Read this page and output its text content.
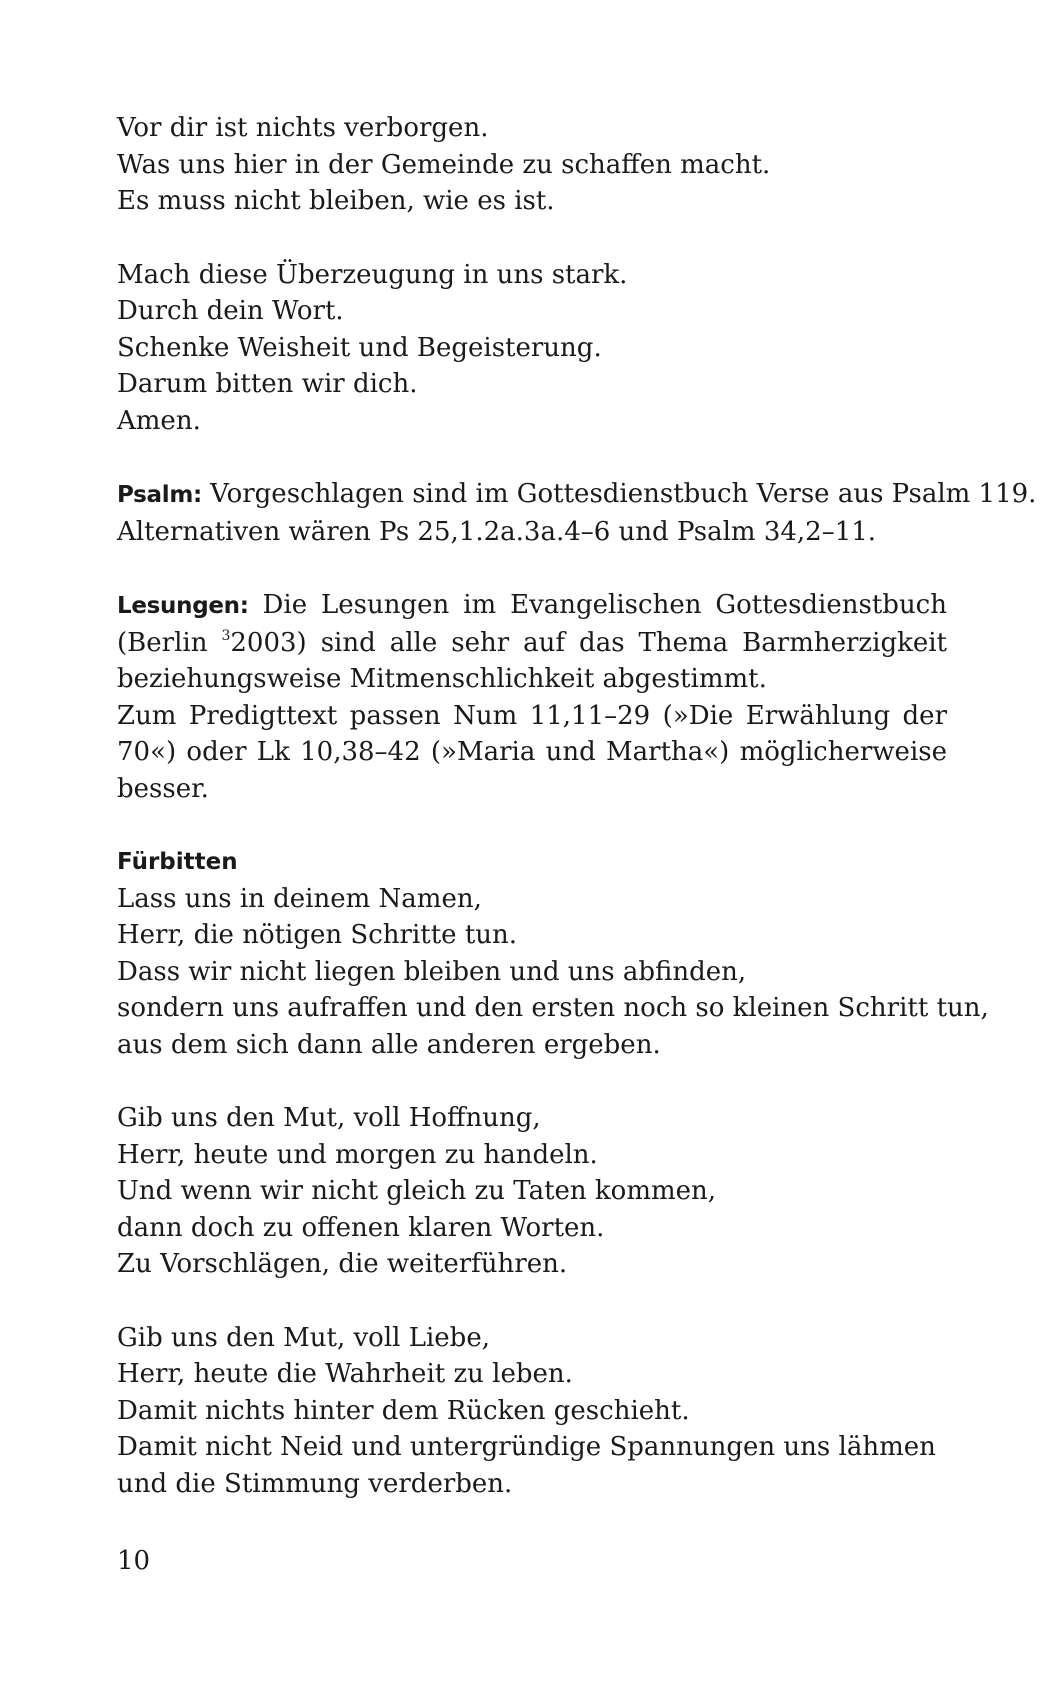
Vor dir ist nichts verborgen.

Was uns hier in der Gemeinde zu schaffen macht.

Es muss nicht bleiben, wie es ist.

Mach diese Überzeugung in uns stark.

Durch dein Wort.

Schenke Weisheit und Begeisterung.

Darum bitten wir dich.

Amen.

Psalm: Vorgeschlagen sind im Gottesdienstbuch Verse aus Psalm 119.
Alternativen wären Ps 25,1.2a.3a.4–6 und Psalm 34,2–11.
Lesungen: Die Lesungen im Evangelischen Gottesdienstbuch (Berlin $^3$2003) sind alle sehr auf das Thema Barmherzigkeit beziehungsweise Mitmenschlichkeit abgestimmt.
Zum Predigttext passen Num 11,11–29 (»Die Erwählung der 70«) oder Lk 10,38–42 (»Maria und Martha«) möglicherweise besser.
Fürbitten

Lass uns in deinem Namen,

Herr, die nötigen Schritte tun.

Dass wir nicht liegen bleiben und uns abfinden,

sondern uns aufraffen und den ersten noch so kleinen Schritt tun,

aus dem sich dann alle anderen ergeben.

Gib uns den Mut, voll Hoffnung,

Herr, heute und morgen zu handeln.

Und wenn wir nicht gleich zu Taten kommen,

dann doch zu offenen klaren Worten.

Zu Vorschlägen, die weiterführen.

Gib uns den Mut, voll Liebe,

Herr, heute die Wahrheit zu leben.

Damit nichts hinter dem Rücken geschieht.

Damit nicht Neid und untergründige Spannungen uns lähmen

und die Stimmung verderben.

10
